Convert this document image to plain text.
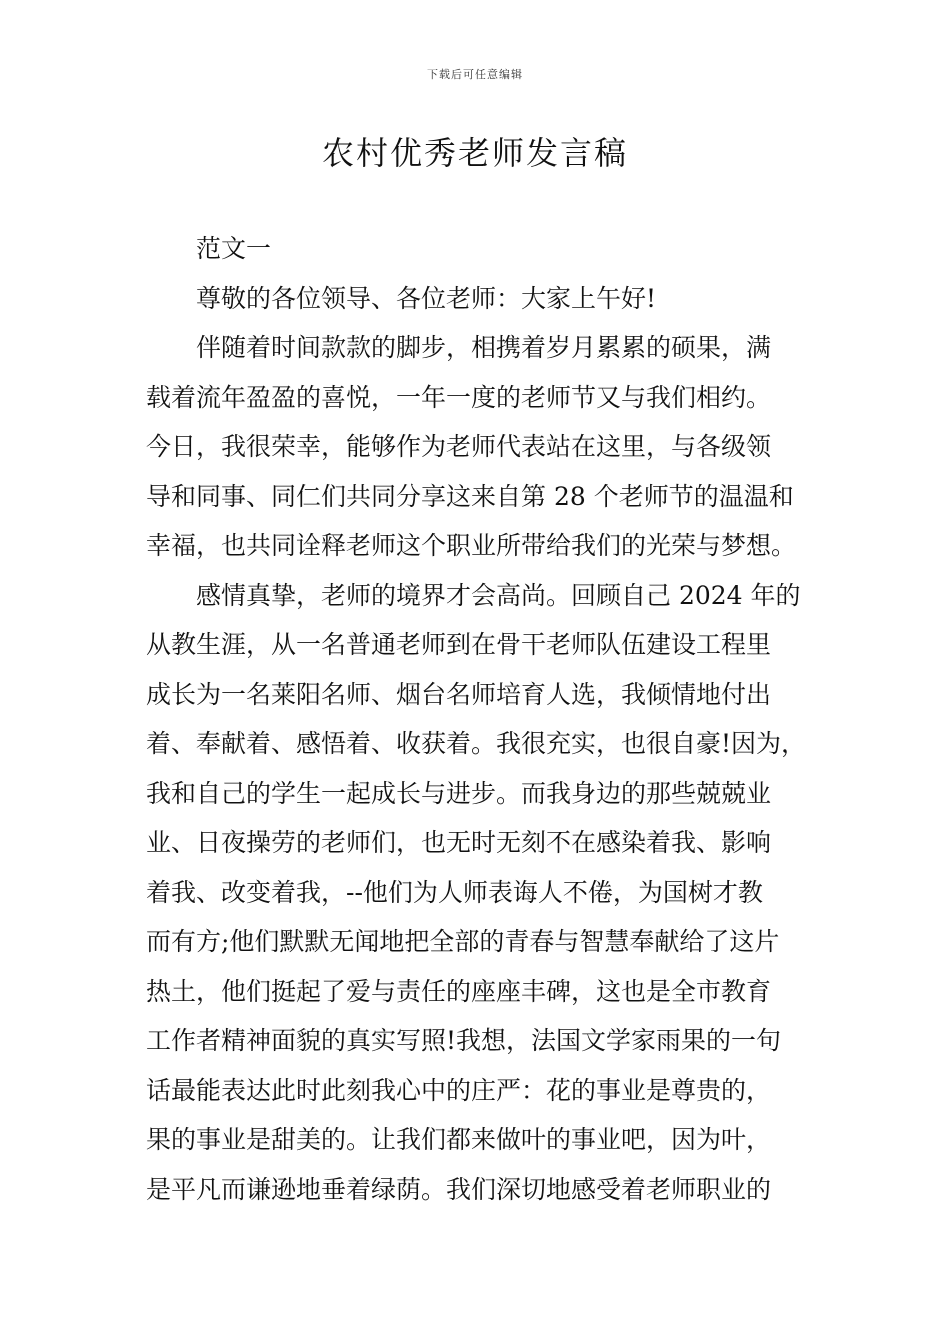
下载后可任意编辑
农村优秀老师发言稿
范文一
尊敬的各位领导、各位老师：大家上午好!
伴随着时间款款的脚步，相携着岁月累累的硕果，满
载着流年盈盈的喜悦，一年一度的老师节又与我们相约。
今日，我很荣幸，能够作为老师代表站在这里，与各级领
导和同事、同仁们共同分享这来自第 28 个老师节的温温和
幸福，也共同诠释老师这个职业所带给我们的光荣与梦想。
感情真挚，老师的境界才会高尚。回顾自己 2024 年的
从教生涯，从一名普通老师到在骨干老师队伍建设工程里
成长为一名莱阳名师、烟台名师培育人选，我倾情地付出
着、奉献着、感悟着、收获着。我很充实，也很自豪!因为，
我和自己的学生一起成长与进步。而我身边的那些兢兢业
业、日夜操劳的老师们，也无时无刻不在感染着我、影响
着我、改变着我，--他们为人师表诲人不倦，为国树才教
而有方;他们默默无闻地把全部的青春与智慧奉献给了这片
热土，他们挺起了爱与责任的座座丰碑，这也是全市教育
工作者精神面貌的真实写照!我想，法国文学家雨果的一句
话最能表达此时此刻我心中的庄严：花的事业是尊贵的，
果的事业是甜美的。让我们都来做叶的事业吧，因为叶，
是平凡而谦逊地垂着绿荫。我们深切地感受着老师职业的
